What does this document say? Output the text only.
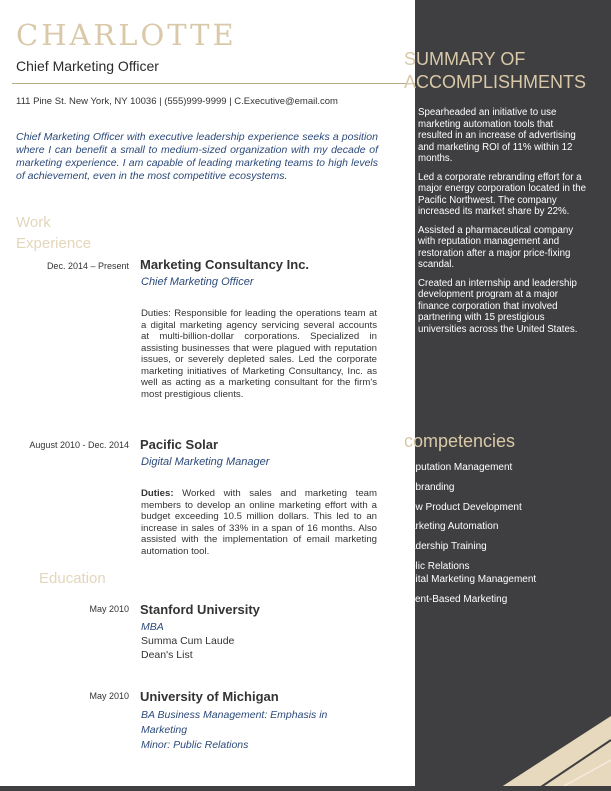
CHARLOTTE
Chief Marketing Officer
111 Pine St. New York, NY 10036 | (555)999-9999 | C.Executive@email.com
Chief Marketing Officer with executive leadership experience seeks a position where I can benefit a small to medium-sized organization with my decade of marketing experience. I am capable of leading marketing teams to high levels of achievement, even in the most competitive ecosystems.
Work
Experience
Dec. 2014 – Present Marketing Consultancy Inc.
Chief Marketing Officer
Duties: Responsible for leading the operations team at a digital marketing agency servicing several accounts at multi-billion-dollar corporations. Specialized in assisting businesses that were plagued with reputation issues, or severely depleted sales. Led the corporate marketing initiatives of Marketing Consultancy, Inc. as well as acting as a marketing consultant for the firm's most prestigious clients.
August 2010 - Dec. 2014 Pacific Solar
Digital Marketing Manager
Duties: Worked with sales and marketing team members to develop an online marketing effort with a budget exceeding 10.5 million dollars. This led to an increase in sales of 33% in a span of 16 months. Also assisted with the implementation of email marketing automation tool.
Education
May 2010 Stanford University
MBA
Summa Cum Laude
Dean's List
May 2010 University of Michigan
BA Business Management: Emphasis in
Marketing
Minor: Public Relations
SUMMARY OF
ACCOMPLISHMENTS
Spearheaded an initiative to use marketing automation tools that resulted in an increase of advertising and marketing ROI of 11% within 12 months.
Led a corporate rebranding effort for a major energy corporation located in the Pacific Northwest. The company increased its market share by 22%.
Assisted a pharmaceutical company with reputation management and restoration after a major price-fixing scandal.
Created an internship and leadership development program at a major finance corporation that involved partnering with 15 prestigious universities across the United States.
competencies
eputation Management
ebranding
ew Product Development
arketing Automation
adership Training
blic Relations
gital Marketing Management
vent-Based Marketing
